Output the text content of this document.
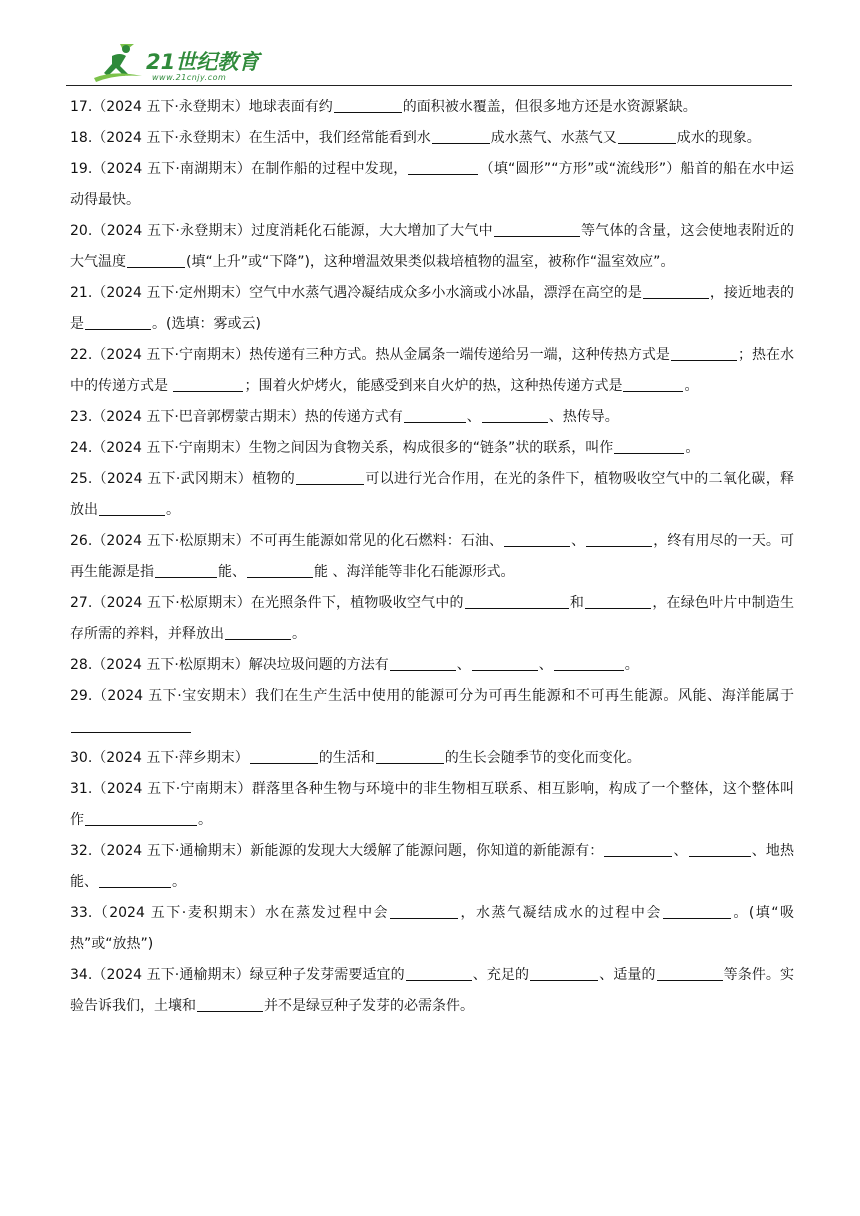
21世纪教育
www.21cnjy.com

17.（2024 五下·永登期末）地球表面有约	的面积被水覆盖，但很多地方还是水资源紧缺。

18.（2024 五下·永登期末）在生活中，我们经常能看到水	成水蒸气、水蒸气又	成水的现象。

19.（2024 五下·南湖期末）在制作船的过程中发现，	（填“圆形”“方形”或“流线形”）船首的船在水中运动得最快。

20.（2024 五下·永登期末）过度消耗化石能源，大大增加了大气中	等气体的含量，这会使地表附近的大气温度	(填“上升”或“下降”)，这种增温效果类似栽培植物的温室，被称作“温室效应”。

21.（2024 五下·定州期末）空气中水蒸气遇冷凝结成众多小水滴或小冰晶，漂浮在高空的是	，接近地表的是	。(选填：雾或云)

22.（2024 五下·宁南期末）热传递有三种方式。热从金属条一端传递给另一端，这种传热方式是	；热在水中的传递方式是	；围着火炉烤火，能感受到来自火炉的热，这种热传递方式是	。

23.（2024 五下·巴音郭楞蒙古期末）热的传递方式有	、	、热传导。

24.（2024 五下·宁南期末）生物之间因为食物关系，构成很多的“链条”状的联系，叫作	。

25.（2024 五下·武冈期末）植物的	可以进行光合作用，在光的条件下，植物吸收空气中的二氧化碳，释放出	。

26.（2024 五下·松原期末）不可再生能源如常见的化石燃料：石油、	、	，终有用尽的一天。可再生能源是指	能、	能 、海洋能等非化石能源形式。

27.（2024 五下·松原期末）在光照条件下，植物吸收空气中的	和	，在绿色叶片中制造生存所需的养料，并释放出	。

28.（2024 五下·松原期末）解决垃圾问题的方法有	、	、	。

29.（2024 五下·宝安期末）我们在生产生活中使用的能源可分为可再生能源和不可再生能源。风能、海洋能属于

30.（2024 五下·萍乡期末）	的生活和	的生长会随季节的变化而变化。

31.（2024 五下·宁南期末）群落里各种生物与环境中的非生物相互联系、相互影响，构成了一个整体，这个整体叫作	。

32.（2024 五下·通榆期末）新能源的发现大大缓解了能源问题，你知道的新能源有：	、	、地热能、	。

33.（2024 五下·麦积期末）水在蒸发过程中会	，水蒸气凝结成水的过程中会	。(填“吸热”或“放热”)

34.（2024 五下·通榆期末）绿豆种子发芽需要适宜的	、充足的	、适量的	等条件。实验告诉我们，土壤和	并不是绿豆种子发芽的必需条件。
